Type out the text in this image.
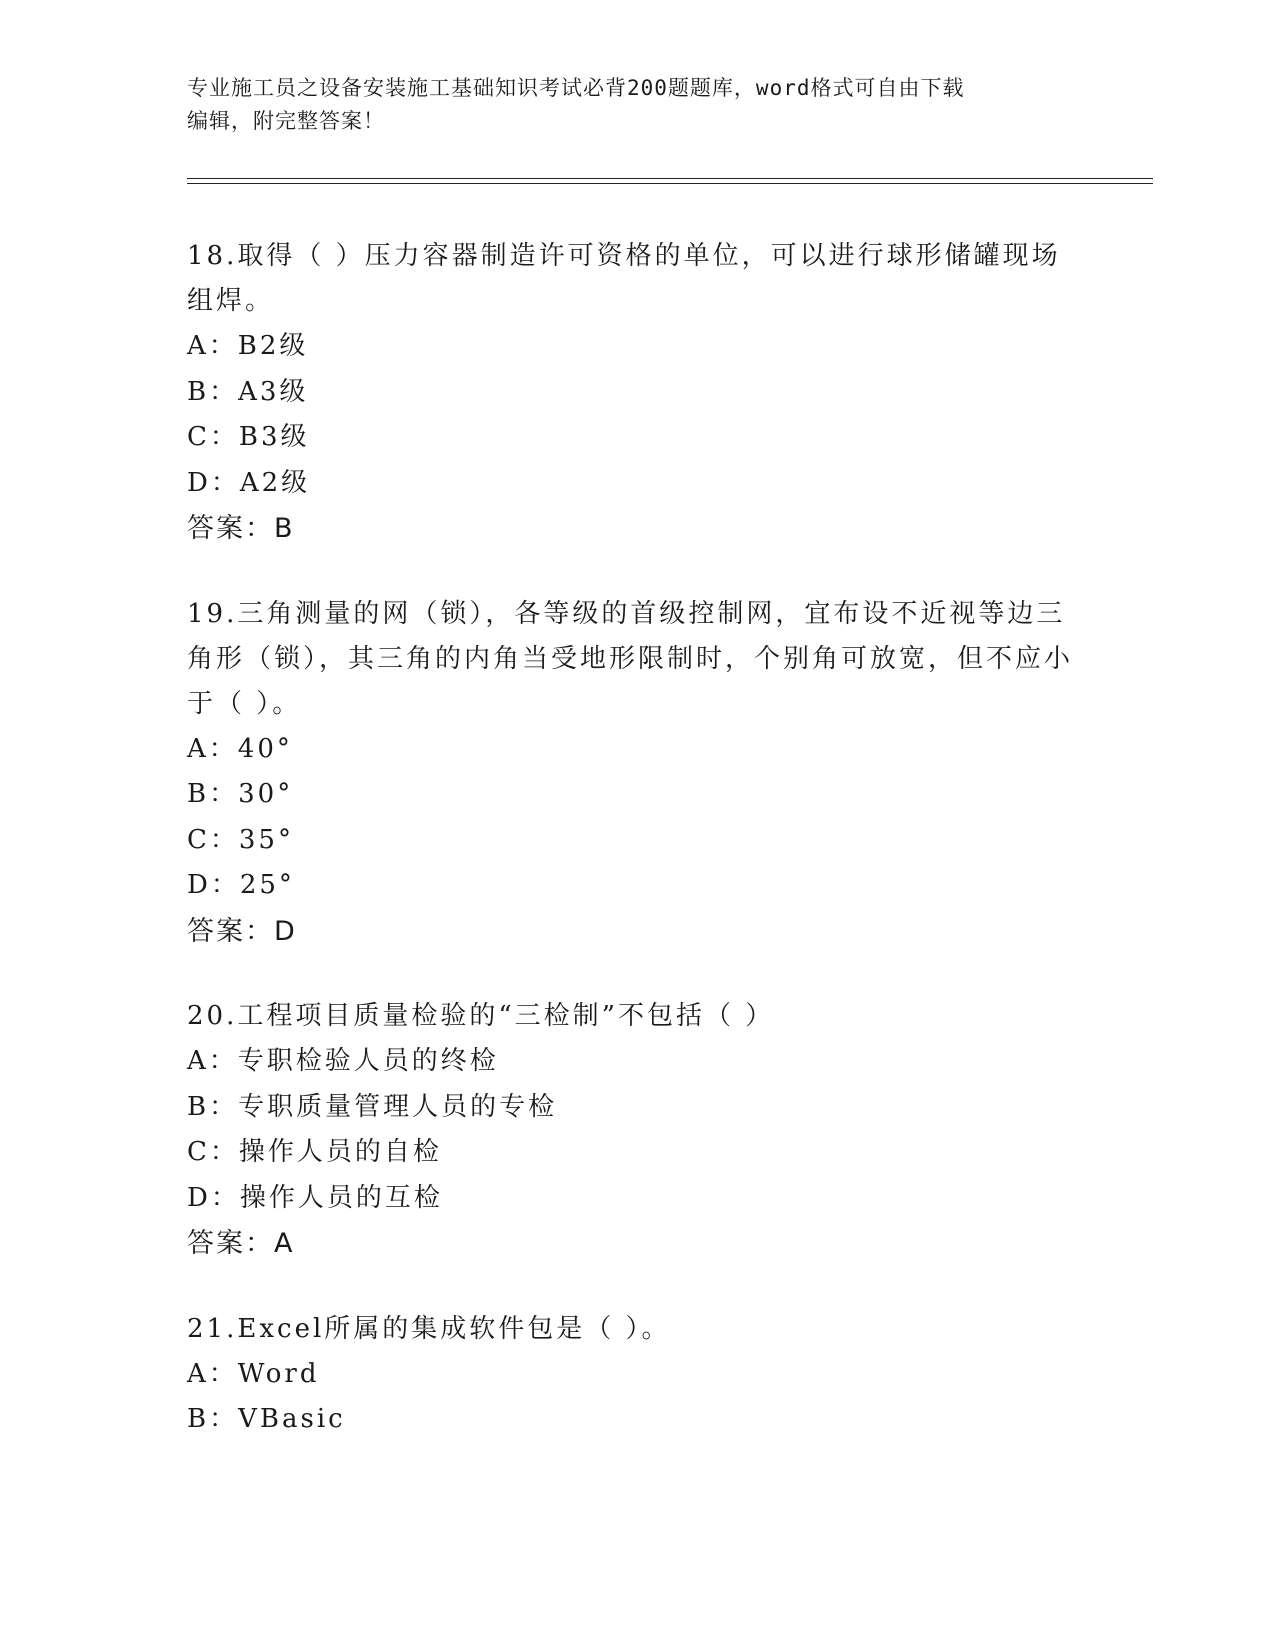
专业施工员之设备安装施工基础知识考试必背200题题库，word格式可自由下载
编辑，附完整答案！

18.取得（ ）压力容器制造许可资格的单位，可以进行球形储罐现场组焊。

A：B2级

B：A3级

C：B3级

D：A2级

答案：B

19.三角测量的网（锁），各等级的首级控制网，宜布设不近视等边三角形（锁），其三角的内角当受地形限制时，个别角可放宽，但不应小于（ ）。

A：40°

B：30°

C：35°

D：25°

答案：D

20.工程项目质量检验的“三检制”不包括（ ）

A：专职检验人员的终检

B：专职质量管理人员的专检

C：操作人员的自检

D：操作人员的互检

答案：A

21.Excel所属的集成软件包是（ ）。

A：Word

B：VBasic
